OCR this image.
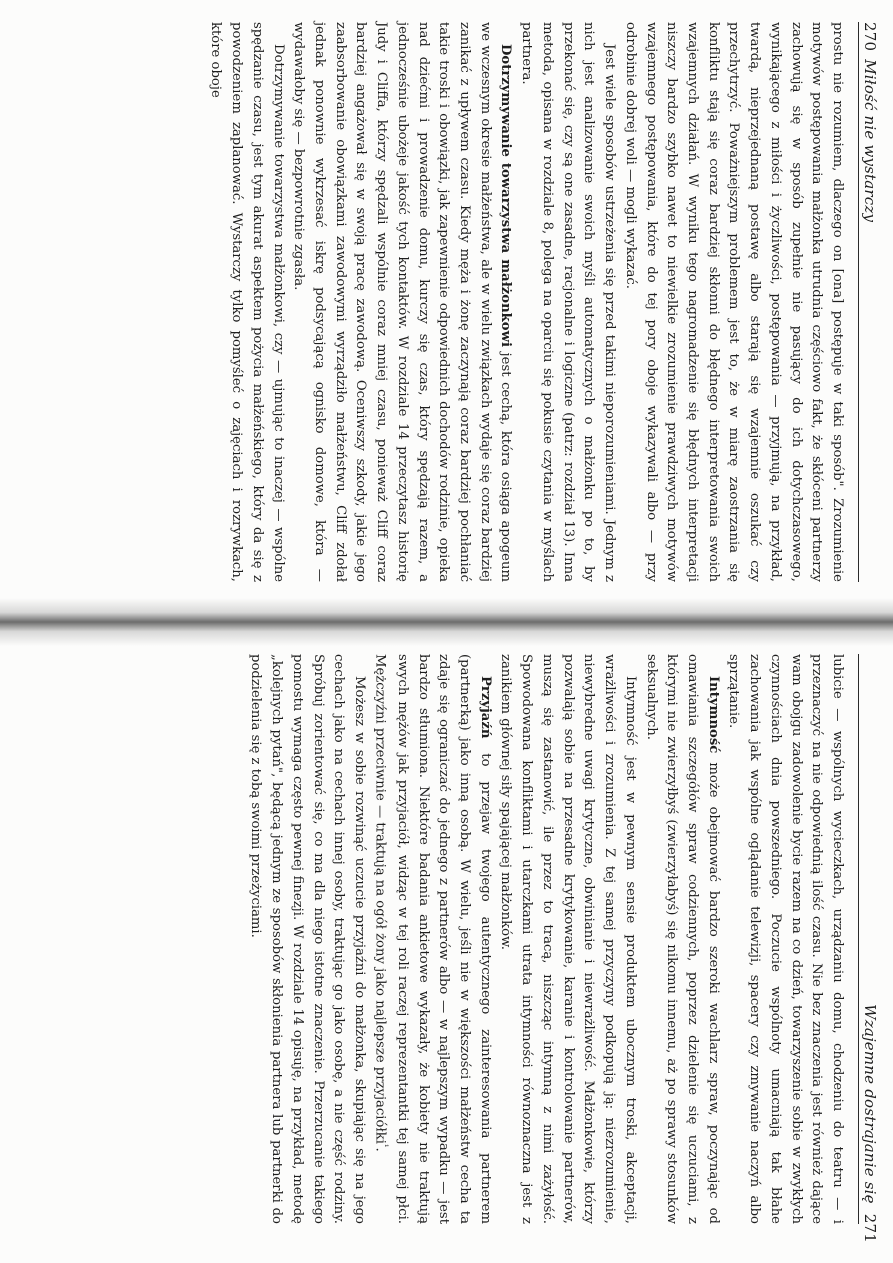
270Miłość nie wystarczy

prostu nie rozumiem, dlaczego on [ona] postępuje w taki sposób". Zrozumienie motywów postępowania małżonka utrudnia częściowo fakt, że skłóceni partnerzy zachowują się w sposób zupełnie nie pasujący do ich dotychczasowego, wynikającego z miłości i życzliwości, postępowania — przyjmują, na przykład, twardą, nieprzejednaną postawę albo starają się wzajemnie oszukać czy przechytrzyć. Poważniejszym problemem jest to, że w miarę zaostrzania się konfliktu stają się coraz bardziej skłonni do błędnego interpretowania swoich wzajemnych działań. W wyniku tego nagromadzenie się błędnych interpretacji niszczy bardzo szybko nawet to niewielkie zrozumienie prawdziwych motywów wzajemnego postępowania, które do tej pory oboje wykazywali albo — przy odrobinie dobrej woli — mogli wykazać.

Jest wiele sposobów ustrzeżenia się przed takimi nieporozumieniami. Jednym z nich jest analizowanie swoich myśli automatycznych o małżonku po to, by przekonać się, czy są one zasadne, racjonalne i logiczne (patrz: rozdział 13). Inna metoda, opisana w rozdziale 8, polega na oparciu się pokusie czytania w myślach partnera.

Dotrzymywanie towarzystwa małżonkowi jest cechą, która osiąga apogeum we wczesnym okresie małżeństwa, ale w wielu związkach wydaje się coraz bardziej zanikać z upływem czasu. Kiedy męża i żonę zaczynają coraz bardziej pochłaniać takie troski i obowiązki, jak zapewnienie odpowiednich dochodów rodzinie, opieka nad dziećmi i prowadzenie domu, kurczy się czas, który spędzają razem, a jednocześnie ubożeje jakość tych kontaktów. W rozdziale 14 przeczytasz historię Judy i Cliffa, którzy spędzali wspólnie coraz mniej czasu, ponieważ Cliff coraz bardziej angażował się w swoją pracę zawodową. Oceniwszy szkody, jakie jego zaabsorbowanie obowiązkami zawodowymi wyrządziło małżeństwu, Cliff zdołał jednak ponownie wykrzesać iskrę podsycającą ognisko domowe, która — wydawałoby się — bezpowrotnie zgasła.

Dotrzymywanie towarzystwa małżonkowi, czy — ujmując to inaczej — wspólne spędzanie czasu, jest tym akurat aspektem pożycia małżeńskiego, który da się z powodzeniem zaplanować. Wystarczy tylko pomyśleć o zajęciach i rozrywkach, które oboje

Wzajemne dostrajanie się271

lubicie — wspólnych wycieczkach, urządzaniu domu, chodzeniu do teatru — i przeznaczyć na nie odpowiednią ilość czasu. Nie bez znaczenia jest również dające wam obojgu zadowolenie bycie razem na co dzień, towarzyszenie sobie w zwykłych czynnościach dnia powszedniego. Poczucie wspólnoty umacniają tak błahe zachowania jak wspólne oglądanie telewizji, spacery czy zmywanie naczyń albo sprzątanie.

Intymność może obejmować bardzo szeroki wachlarz spraw, poczynając od omawiania szczegółów spraw codziennych, poprzez dzielenie się uczuciami, z którymi nie zwierzyłbyś (zwierzyłabyś) się nikomu innemu, aż po sprawy stosunków seksualnych.

Intymność jest w pewnym sensie produktem ubocznym troski, akceptacji, wrażliwości i zrozumienia. Z tej samej przyczyny podkopują ją: niezrozumienie, niewybredne uwagi krytyczne, obwinianie i niewrażliwość. Małżonkowie, którzy pozwalają sobie na przesadne krytykowanie, karanie i kontrolowanie partnerów, muszą się zastanowić, ile przez to tracą, niszcząc intymną z nimi zażyłość. Spowodowana konfliktami i utarczkami utrata intymności równoznaczna jest z zanikiem głównej siły spajającej małżonków.

Przyjaźń to przejaw twojego autentycznego zainteresowania partnerem (partnerką) jako inną osobą. W wielu, jeśli nie w większości małżeństw cecha ta zdaje się ograniczać do jednego z partnerów albo — w najlepszym wypadku — jest bardzo stłumiona. Niektóre badania ankietowe wykazały, że kobiety nie traktują swych mężów jak przyjaciół, widząc w tej roli raczej reprezentantki tej samej płci. Mężczyźni przeciwnie — traktują na ogół żony jako najlepsze przyjaciółki$^{^1}$.

Możesz w sobie rozwinąć uczucie przyjaźni do małżonka, skupiając się na jego cechach jako na cechach innej osoby, traktując go jako osobę, a nie część rodziny. Spróbuj zorientować się, co ma dla niego istotne znaczenie. Przerzucanie takiego pomostu wymaga często pewnej finezji. W rozdziale 14 opisuję, na przykład, metodę „kolejnych pytań", będącą jednym ze sposobów skłonienia partnera lub partnerki do podzielenia się z tobą swoimi przeżyciami.
